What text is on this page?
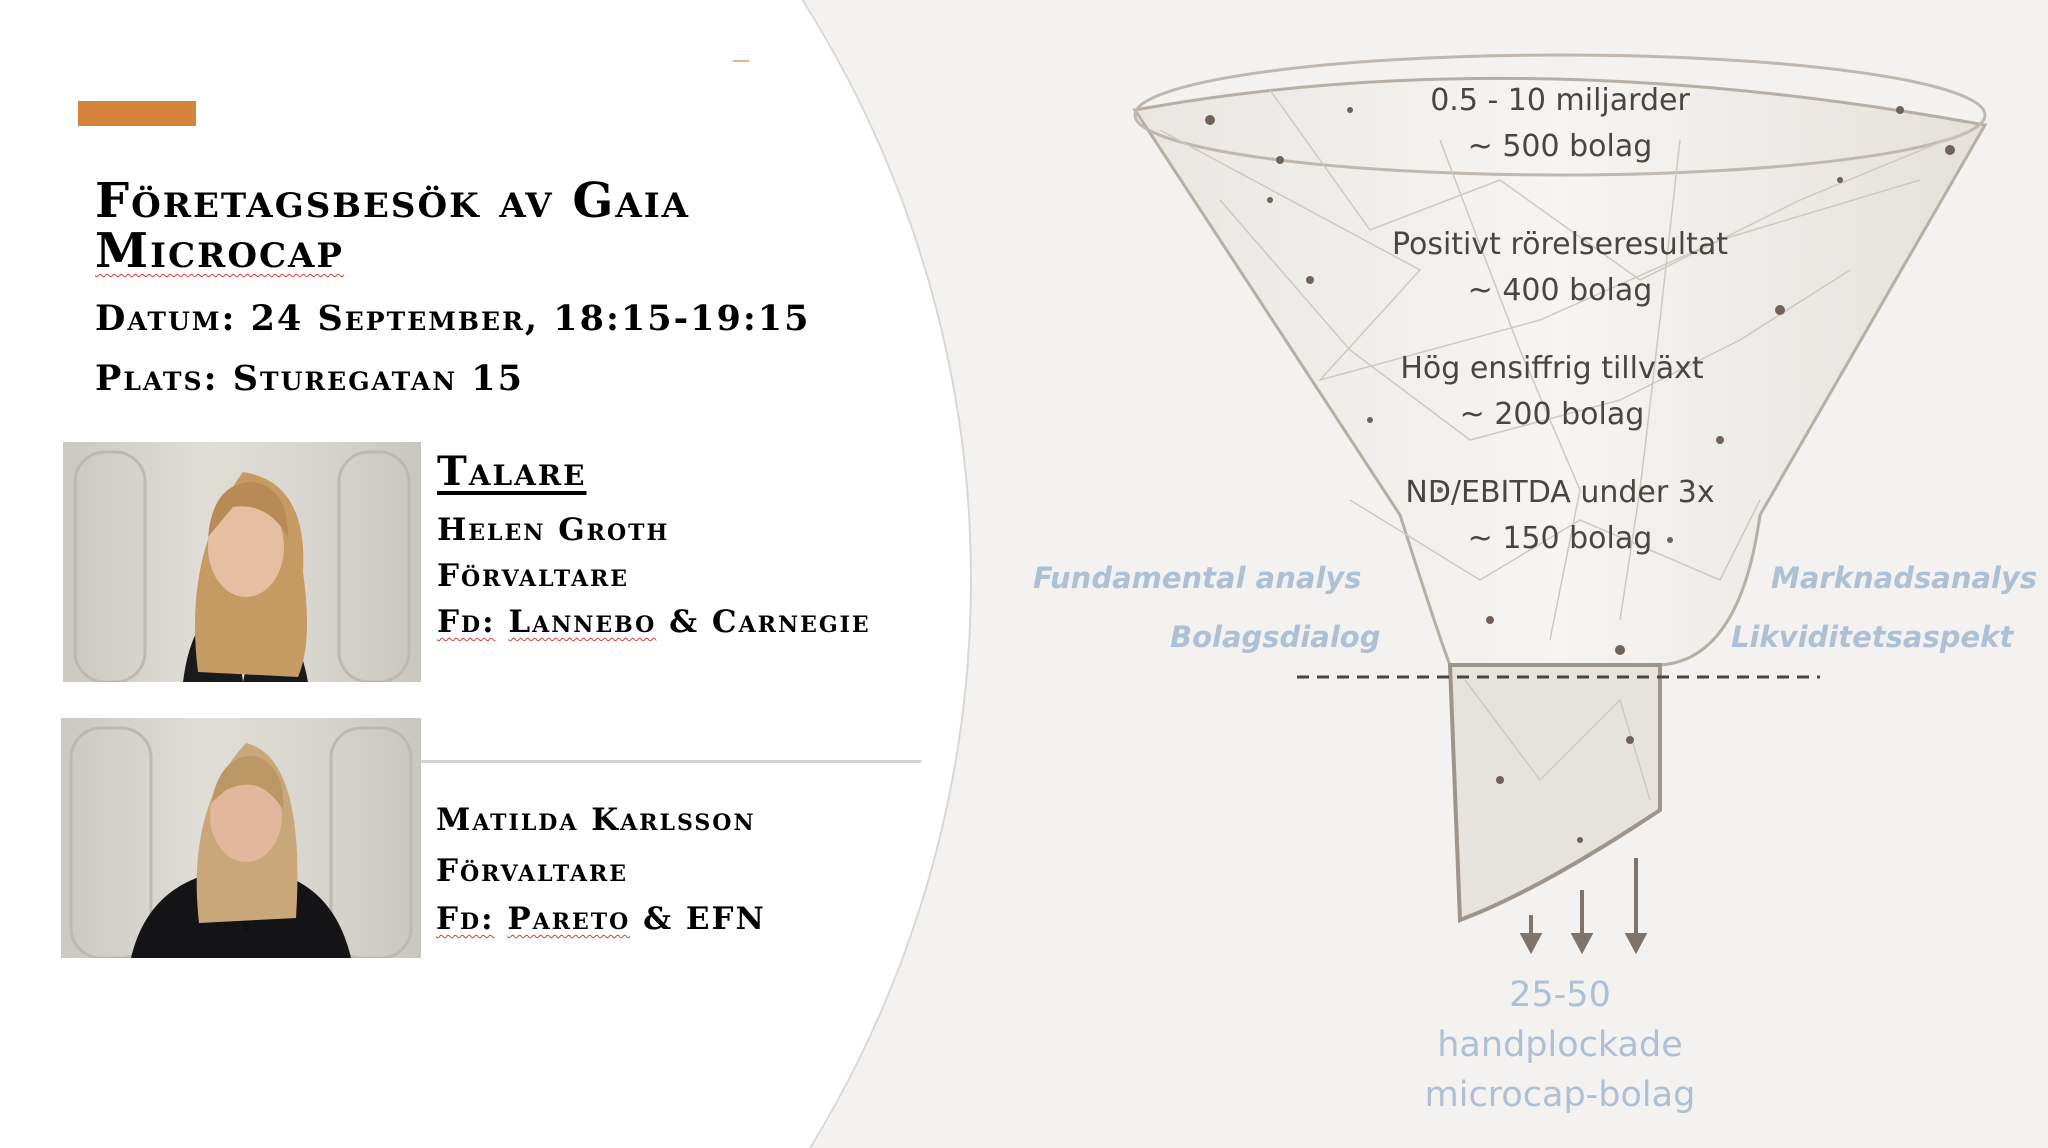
Företagsbesök av Gaia
Microcap
Datum: 24 September, 18:15-19:15
Plats: Sturegatan 15
Talare
Helen Groth
Förvaltare
Fd: Lannebo & Carnegie
Matilda Karlsson
Förvaltare
Fd: Pareto & EFN
0.5 - 10 miljarder
~ 500 bolag
Positivt rörelseresultat
~ 400 bolag
Hög ensiffrig tillväxt
~ 200 bolag
ND/EBITDA under 3x
~ 150 bolag
Fundamental analys
Bolagsdialog
Marknadsanalys
Likviditetsaspekt
25-50
handplockade
microcap-bolag
